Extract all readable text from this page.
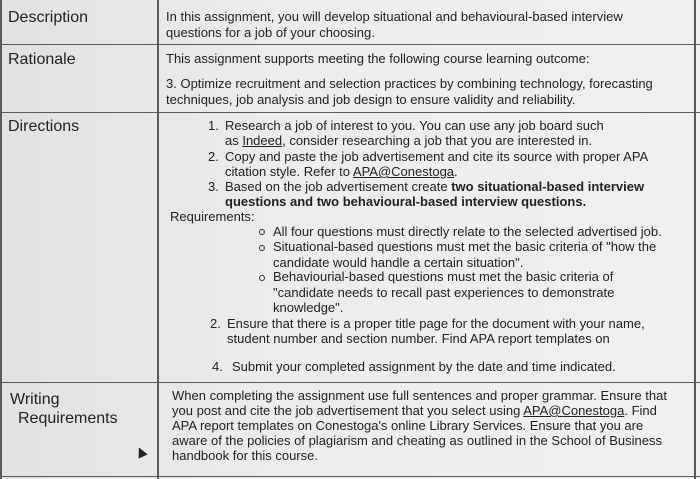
Description
Rationale
Directions
Writing
Requirements
In this assignment, you will develop situational and behavioural-based interview
questions for a job of your choosing.
This assignment supports meeting the following course learning outcome:
3. Optimize recruitment and selection practices by combining technology, forecasting
techniques, job analysis and job design to ensure validity and reliability.
1. Research a job of interest to you. You can use any job board such
as Indeed, consider researching a job that you are interested in.
2. Copy and paste the job advertisement and cite its source with proper APA
citation style. Refer to APA@Conestoga.
3. Based on the job advertisement create two situational-based interview
questions and two behavioural-based interview questions.
Requirements:
All four questions must directly relate to the selected advertised job.
Situational-based questions must met the basic criteria of "how the
candidate would handle a certain situation".
Behaviourial-based questions must met the basic criteria of
"candidate needs to recall past experiences to demonstrate
knowledge".
2. Ensure that there is a proper title page for the document with your name,
student number and section number. Find APA report templates on
4. Submit your completed assignment by the date and time indicated.
When completing the assignment use full sentences and proper grammar. Ensure that
you post and cite the job advertisement that you select using APA@Conestoga. Find
APA report templates on Conestoga's online Library Services. Ensure that you are
aware of the policies of plagiarism and cheating as outlined in the School of Business
handbook for this course.
